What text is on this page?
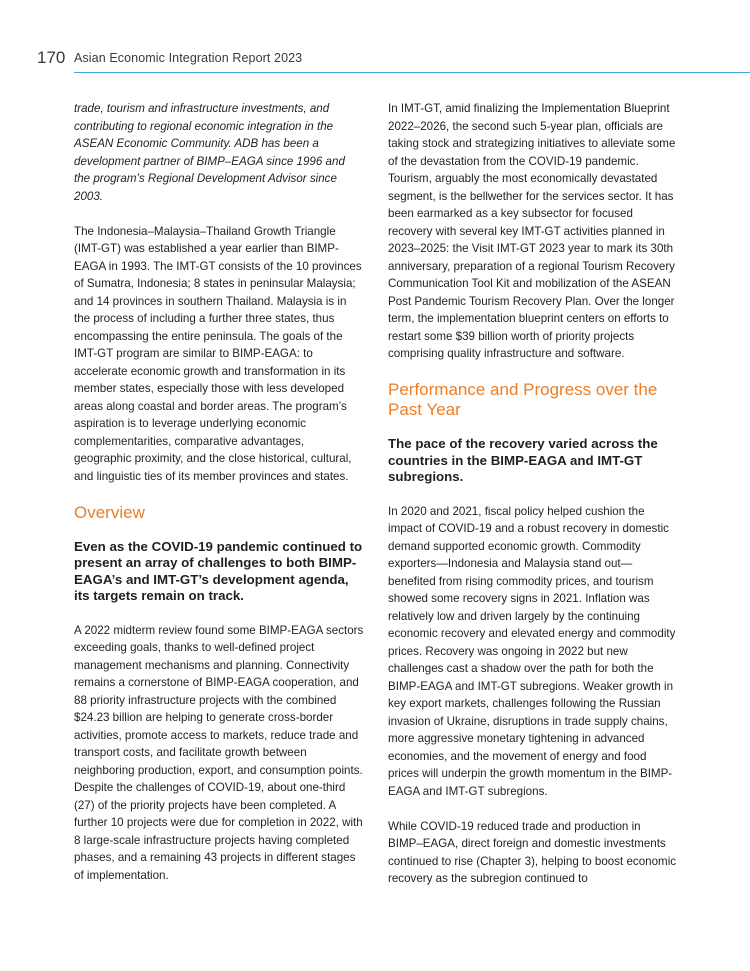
170 Asian Economic Integration Report 2023

trade, tourism and infrastructure investments, and contributing to regional economic integration in the ASEAN Economic Community. ADB has been a development partner of BIMP–EAGA since 1996 and the program’s Regional Development Advisor since 2003.

The Indonesia–Malaysia–Thailand Growth Triangle (IMT-GT) was established a year earlier than BIMP-EAGA in 1993. The IMT-GT consists of the 10 provinces of Sumatra, Indonesia; 8 states in peninsular Malaysia; and 14 provinces in southern Thailand. Malaysia is in the process of including a further three states, thus encompassing the entire peninsula. The goals of the IMT-GT program are similar to BIMP-EAGA: to accelerate economic growth and transformation in its member states, especially those with less developed areas along coastal and border areas. The program’s aspiration is to leverage underlying economic complementarities, comparative advantages, geographic proximity, and the close historical, cultural, and linguistic ties of its member provinces and states.

Overview
Even as the COVID-19 pandemic continued to present an array of challenges to both BIMP-EAGA’s and IMT-GT’s development agenda, its targets remain on track.

A 2022 midterm review found some BIMP-EAGA sectors exceeding goals, thanks to well-defined project management mechanisms and planning. Connectivity remains a cornerstone of BIMP-EAGA cooperation, and 88 priority infrastructure projects with the combined $24.23 billion are helping to generate cross-border activities, promote access to markets, reduce trade and transport costs, and facilitate growth between neighboring production, export, and consumption points. Despite the challenges of COVID-19, about one-third (27) of the priority projects have been completed. A further 10 projects were due for completion in 2022, with 8 large-scale infrastructure projects having completed phases, and a remaining 43 projects in different stages of implementation.

In IMT-GT, amid finalizing the Implementation Blueprint 2022–2026, the second such 5-year plan, officials are taking stock and strategizing initiatives to alleviate some of the devastation from the COVID-19 pandemic. Tourism, arguably the most economically devastated segment, is the bellwether for the services sector. It has been earmarked as a key subsector for focused recovery with several key IMT-GT activities planned in 2023–2025: the Visit IMT-GT 2023 year to mark its 30th anniversary, preparation of a regional Tourism Recovery Communication Tool Kit and mobilization of the ASEAN Post Pandemic Tourism Recovery Plan. Over the longer term, the implementation blueprint centers on efforts to restart some $39 billion worth of priority projects comprising quality infrastructure and software.

Performance and Progress over the Past Year
The pace of the recovery varied across the countries in the BIMP-EAGA and IMT-GT subregions.

In 2020 and 2021, fiscal policy helped cushion the impact of COVID-19 and a robust recovery in domestic demand supported economic growth. Commodity exporters—Indonesia and Malaysia stand out—benefited from rising commodity prices, and tourism showed some recovery signs in 2021. Inflation was relatively low and driven largely by the continuing economic recovery and elevated energy and commodity prices. Recovery was ongoing in 2022 but new challenges cast a shadow over the path for both the BIMP-EAGA and IMT-GT subregions. Weaker growth in key export markets, challenges following the Russian invasion of Ukraine, disruptions in trade supply chains, more aggressive monetary tightening in advanced economies, and the movement of energy and food prices will underpin the growth momentum in the BIMP-EAGA and IMT-GT subregions.

While COVID-19 reduced trade and production in BIMP–EAGA, direct foreign and domestic investments continued to rise (Chapter 3), helping to boost economic recovery as the subregion continued to
